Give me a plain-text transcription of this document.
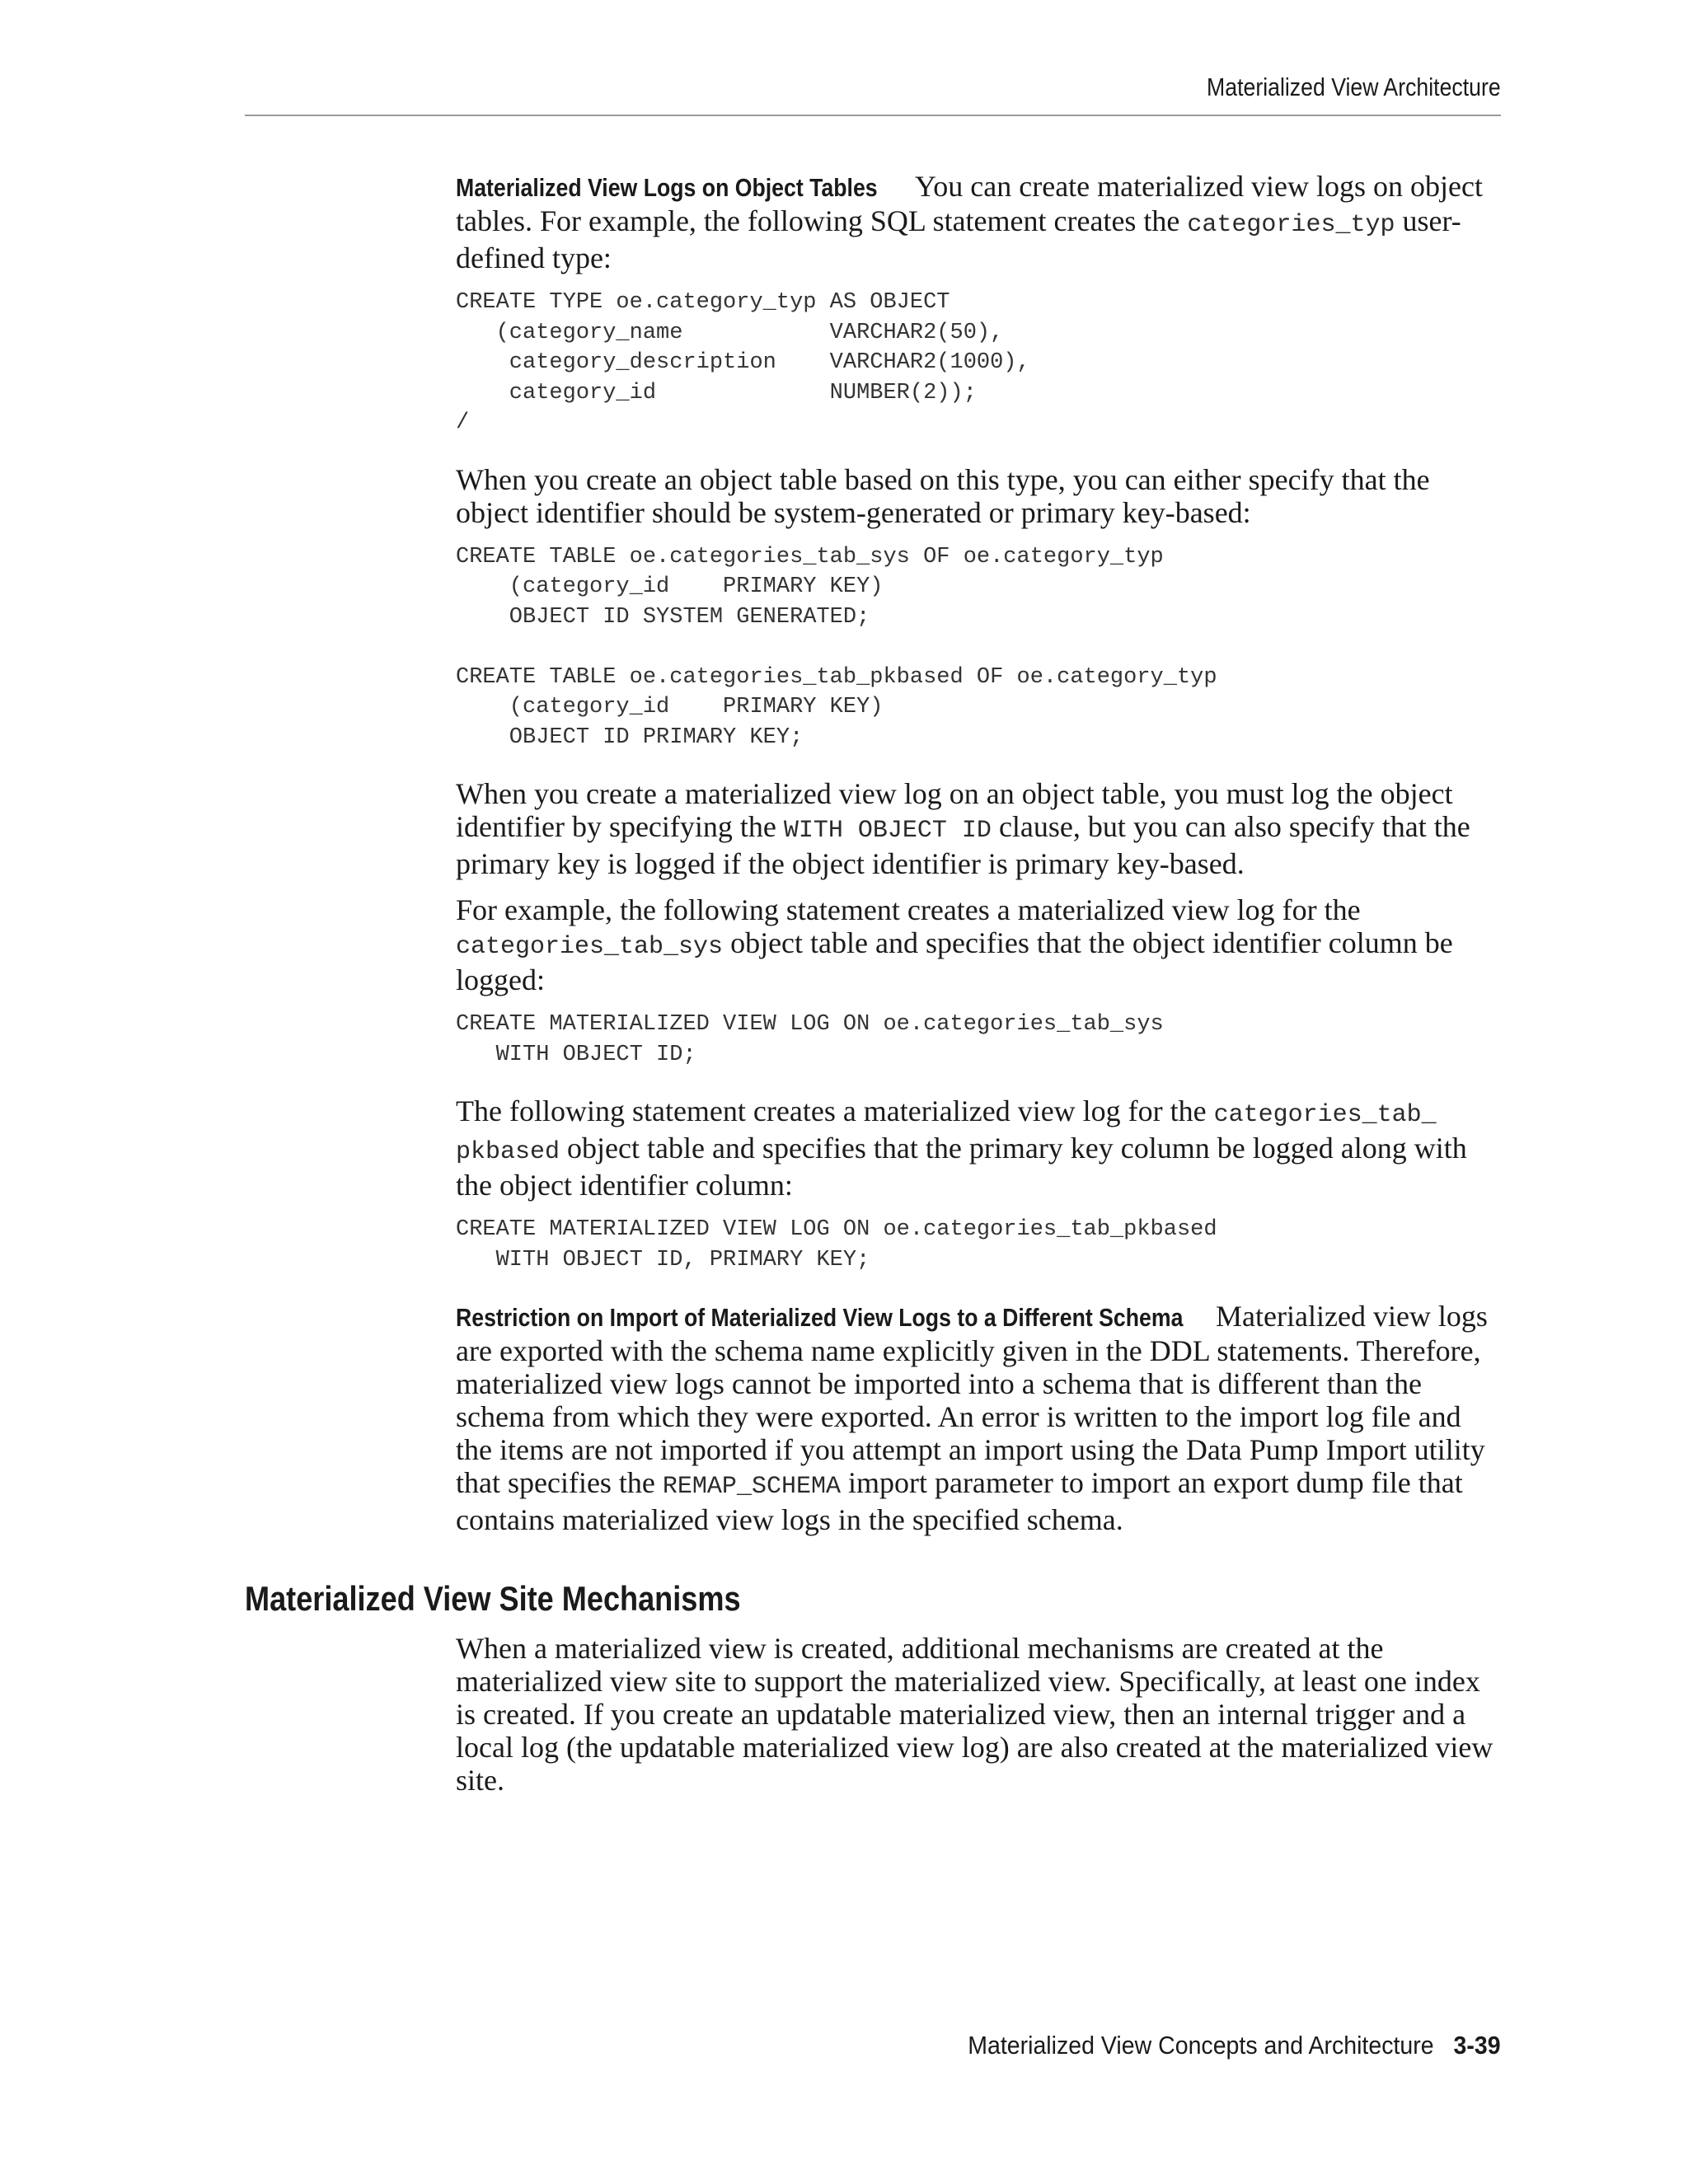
Materialized View Architecture

Materialized View Logs on Object Tables You can create materialized view logs on object tables. For example, the following SQL statement creates the categories_typ user-defined type:

CREATE TYPE oe.category_typ AS OBJECT
(category_name           VARCHAR2(50),
category_description    VARCHAR2(1000),
category_id             NUMBER(2));
/

When you create an object table based on this type, you can either specify that the object identifier should be system-generated or primary key-based:

CREATE TABLE oe.categories_tab_sys OF oe.category_typ
(category_id    PRIMARY KEY)
OBJECT ID SYSTEM GENERATED;

CREATE TABLE oe.categories_tab_pkbased OF oe.category_typ
(category_id    PRIMARY KEY)
OBJECT ID PRIMARY KEY;

When you create a materialized view log on an object table, you must log the object identifier by specifying the WITH OBJECT ID clause, but you can also specify that the primary key is logged if the object identifier is primary key-based.

For example, the following statement creates a materialized view log for the categories_tab_sys object table and specifies that the object identifier column be logged:

CREATE MATERIALIZED VIEW LOG ON oe.categories_tab_sys
WITH OBJECT ID;

The following statement creates a materialized view log for the categories_tab_ pkbased object table and specifies that the primary key column be logged along with the object identifier column:

CREATE MATERIALIZED VIEW LOG ON oe.categories_tab_pkbased
WITH OBJECT ID, PRIMARY KEY;

Restriction on Import of Materialized View Logs to a Different Schema Materialized view logs are exported with the schema name explicitly given in the DDL statements. Therefore, materialized view logs cannot be imported into a schema that is different than the schema from which they were exported. An error is written to the import log file and the items are not imported if you attempt an import using the Data Pump Import utility that specifies the REMAP_SCHEMA import parameter to import an export dump file that contains materialized view logs in the specified schema.

Materialized View Site Mechanisms

When a materialized view is created, additional mechanisms are created at the materialized view site to support the materialized view. Specifically, at least one index is created. If you create an updatable materialized view, then an internal trigger and a local log (the updatable materialized view log) are also created at the materialized view site.

Materialized View Concepts and Architecture 3-39
